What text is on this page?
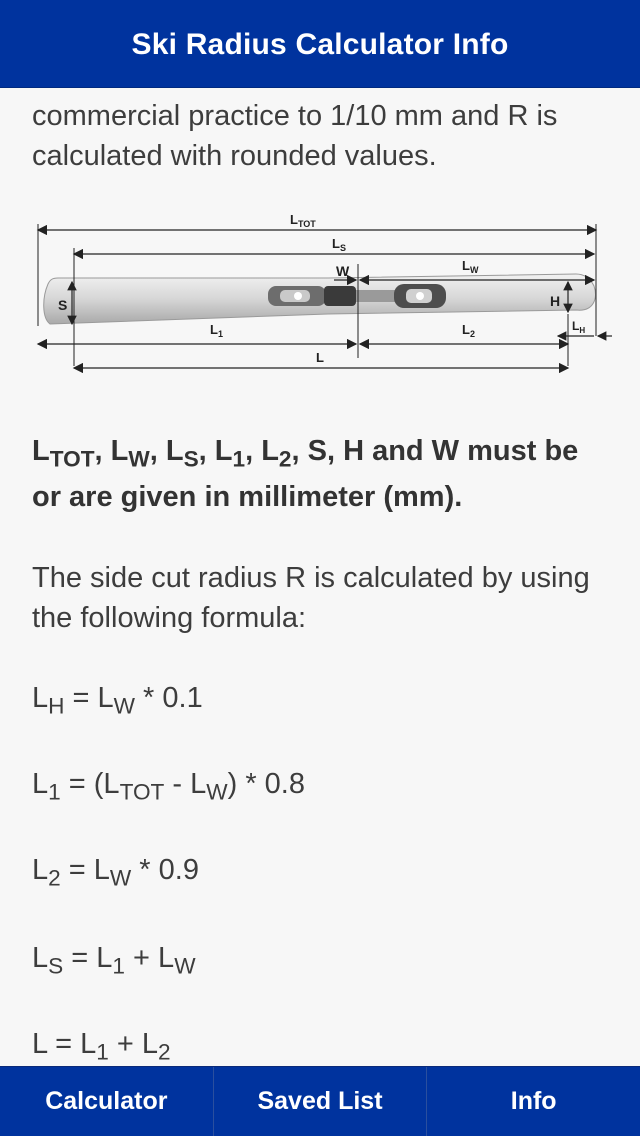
Ski Radius Calculator Info

commercial practice to 1/10 mm and R is calculated with rounded values.

$L_{TOT}$
$L_S$
W	$L_W$
S	H
$L_H$
$L_1$	$L_2$
L

$L_{TOT}$, $L_W$, $L_S$, $L_1$, $L_2$, S, H and W must be or are given in millimeter (mm).

The side cut radius R is calculated by using the following formula:

$L_H = L_W * 0.1$

$L_1 = (L_{TOT} - L_W) * 0.8$

$L_2 = L_W * 0.9$

$L_S = L_1 + L_W$

$L = L_1 + L_2$

Calculator	Saved List	Info
